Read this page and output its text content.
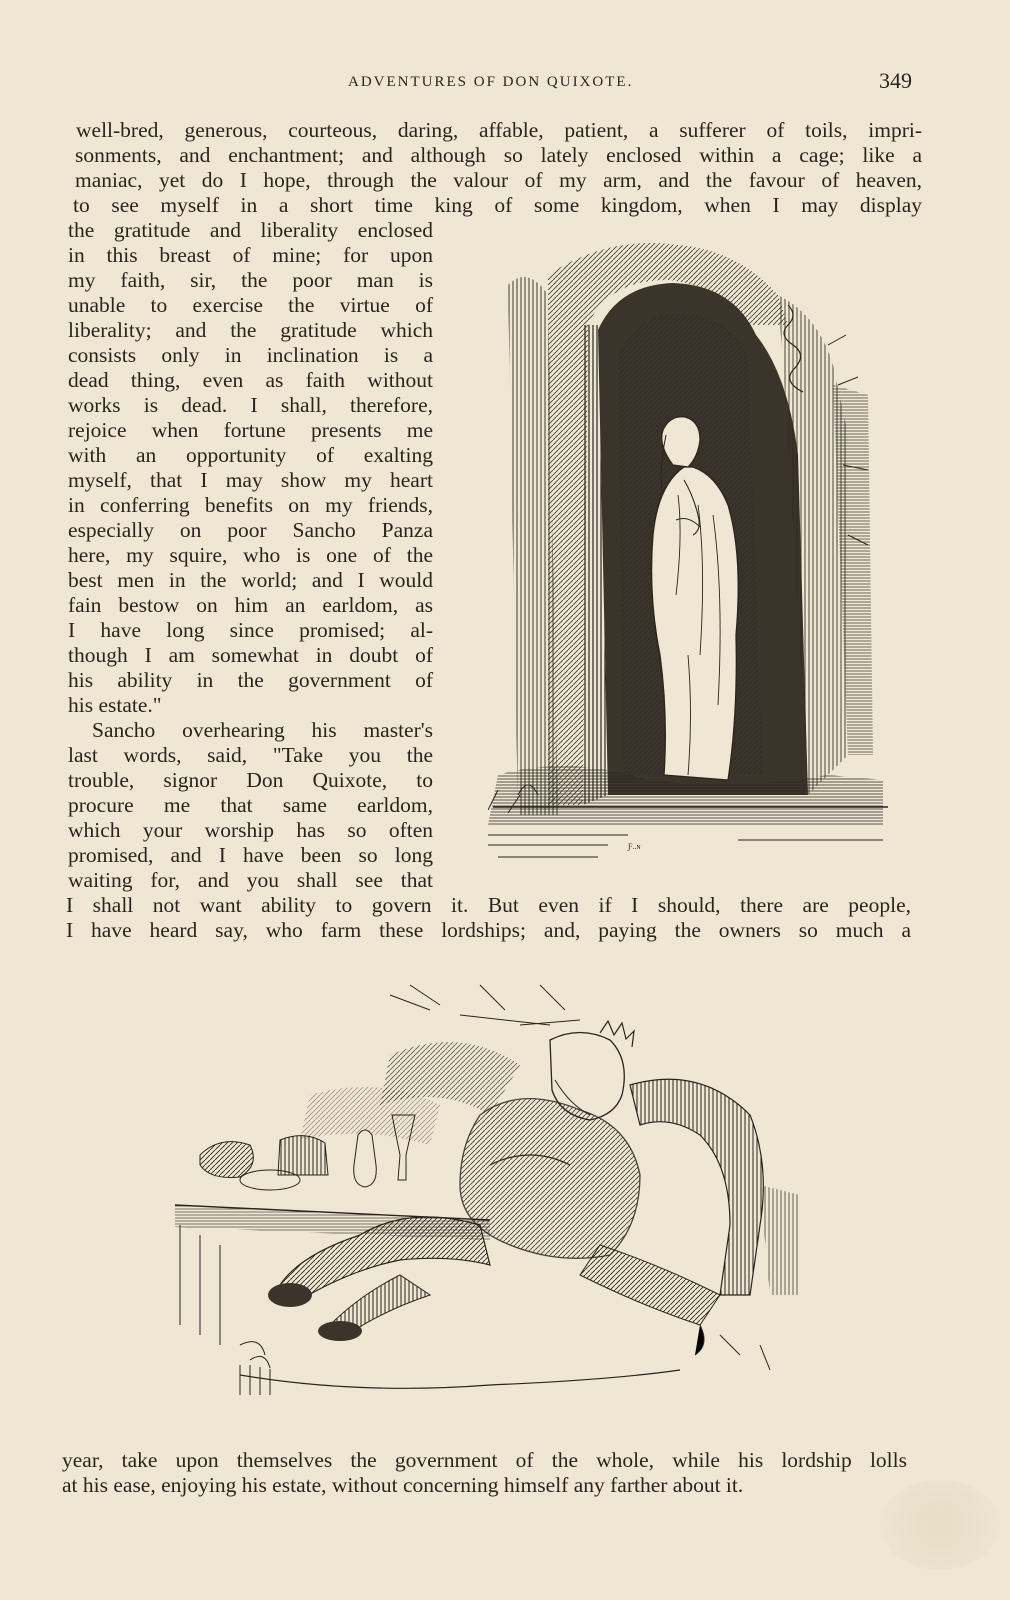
ADVENTURES OF DON QUIXOTE.	349
well-bred, generous, courteous, daring, affable, patient, a sufferer of toils, impri-
sonments, and enchantment; and although so lately enclosed within a cage; like a
maniac, yet do I hope, through the valour of my arm, and the favour of heaven,
to see myself in a short time king of some kingdom, when I may display
the gratitude and liberality enclosed
in this breast of mine; for upon
my faith, sir, the poor man is
unable to exercise the virtue of
liberality; and the gratitude which
consists only in inclination is a
dead thing, even as faith without
works is dead. I shall, therefore,
rejoice when fortune presents me
with an opportunity of exalting
myself, that I may show my heart
in conferring benefits on my friends,
especially on poor Sancho Panza
here, my squire, who is one of the
best men in the world; and I would
fain bestow on him an earldom, as
I have long since promised; al-
though I am somewhat in doubt of
his ability in the government of
his estate."
Sancho overhearing his master's
last words, said, "Take you the
trouble, signor Don Quixote, to
procure me that same earldom,
which your worship has so often
promised, and I have been so long
waiting for, and you shall see that
I shall not want ability to govern it. But even if I should, there are people,
I have heard say, who farm these lordships; and, paying the owners so much a
year, take upon themselves the government of the whole, while his lordship lolls
at his ease, enjoying his estate, without concerning himself any farther about it.
Ƒ..ɴ
